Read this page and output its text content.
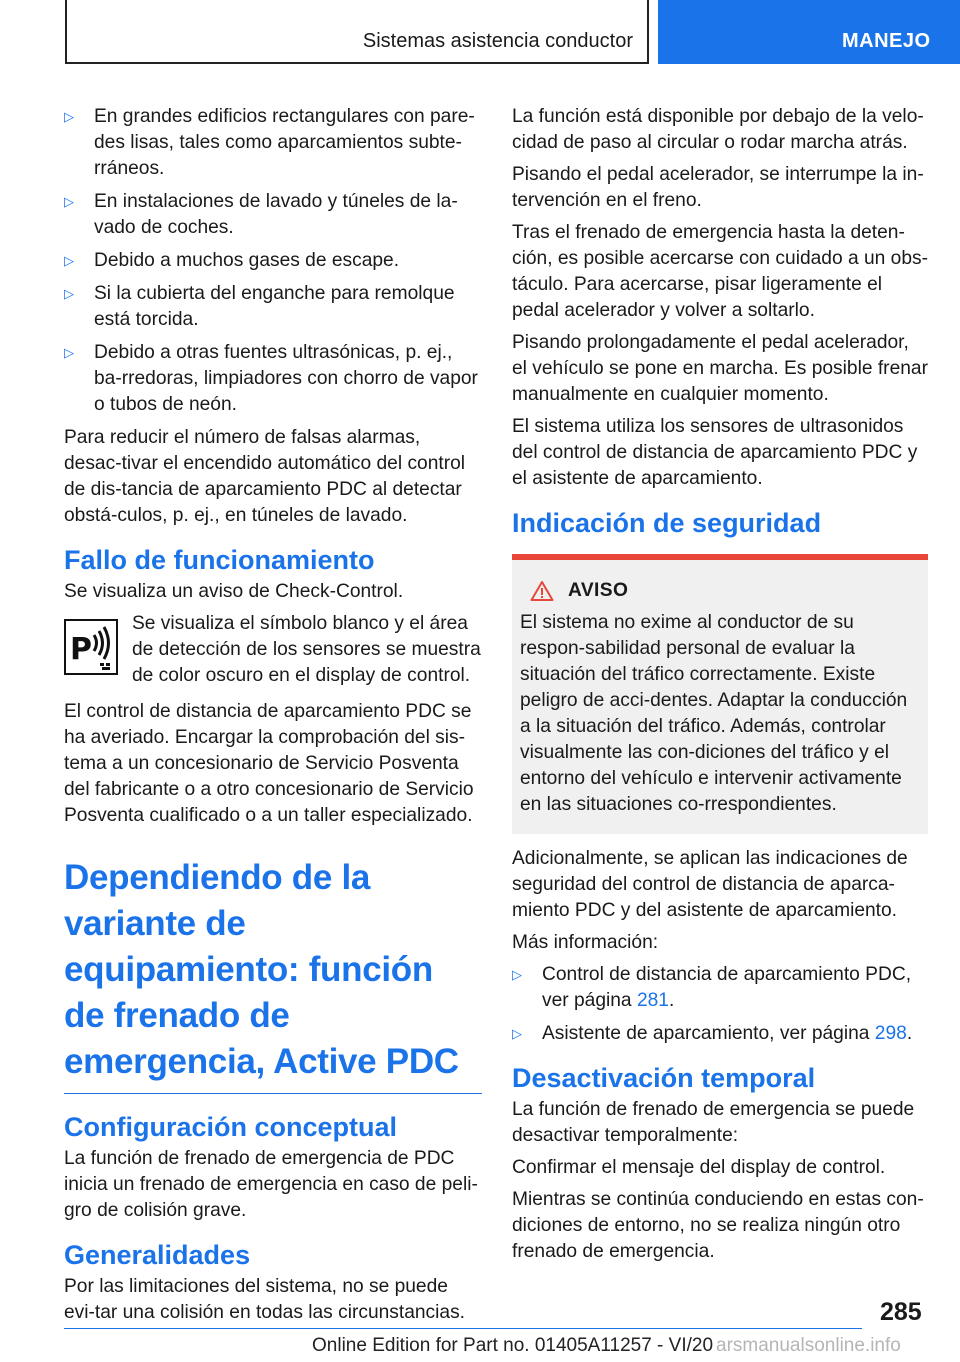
Sistemas asistencia conductor	MANEJO
▷ En grandes edificios rectangulares con pare-des lisas, tales como aparcamientos subte-rráneos.
▷ En instalaciones de lavado y túneles de la-vado de coches.
▷ Debido a muchos gases de escape.
▷ Si la cubierta del enganche para remolque está torcida.
▷ Debido a otras fuentes ultrasónicas, p. ej., ba-rredoras, limpiadores con chorro de vapor o tubos de neón.

Para reducir el número de falsas alarmas, desac-tivar el encendido automático del control de dis-tancia de aparcamiento PDC al detectar obstá-culos, p. ej., en túneles de lavado.

Fallo de funcionamiento

Se visualiza un aviso de Check-Control.

P
Se visualiza el símbolo blanco y el área de detección de los sensores se muestra de color oscuro en el display de control.

El control de distancia de aparcamiento PDC se ha averiado. Encargar la comprobación del sis-tema a un concesionario de Servicio Posventa del fabricante o a otro concesionario de Servicio Posventa cualificado o a un taller especializado.

Dependiendo de la variante de equipamiento: función de frenado de emergencia, Active PDC
Configuración conceptual

La función de frenado de emergencia de PDC inicia un frenado de emergencia en caso de peli-gro de colisión grave.

Generalidades

Por las limitaciones del sistema, no se puede evi-tar una colisión en todas las circunstancias.

La función está disponible por debajo de la velo-cidad de paso al circular o rodar marcha atrás.

Pisando el pedal acelerador, se interrumpe la in-tervención en el freno.

Tras el frenado de emergencia hasta la deten-ción, es posible acercarse con cuidado a un obs-táculo. Para acercarse, pisar ligeramente el pedal acelerador y volver a soltarlo.

Pisando prolongadamente el pedal acelerador, el vehículo se pone en marcha. Es posible frenar manualmente en cualquier momento.

El sistema utiliza los sensores de ultrasonidos del control de distancia de aparcamiento PDC y el asistente de aparcamiento.

Indicación de seguridad
AVISO
El sistema no exime al conductor de su respon-sabilidad personal de evaluar la situación del tráfico correctamente. Existe peligro de acci-dentes. Adaptar la conducción a la situación del tráfico. Además, controlar visualmente las con-diciones del tráfico y el entorno del vehículo e intervenir activamente en las situaciones co-rrespondientes.

Adicionalmente, se aplican las indicaciones de seguridad del control de distancia de aparca-miento PDC y del asistente de aparcamiento.

Más información:

▷ Control de distancia de aparcamiento PDC, ver página 281.
▷ Asistente de aparcamiento, ver página 298.
Desactivación temporal

La función de frenado de emergencia se puede desactivar temporalmente:

Confirmar el mensaje del display de control.

Mientras se continúa conduciendo en estas con-diciones de entorno, no se realiza ningún otro frenado de emergencia.

285
Online Edition for Part no. 01405A11257 - VI/20 arsmanualsonline.info
